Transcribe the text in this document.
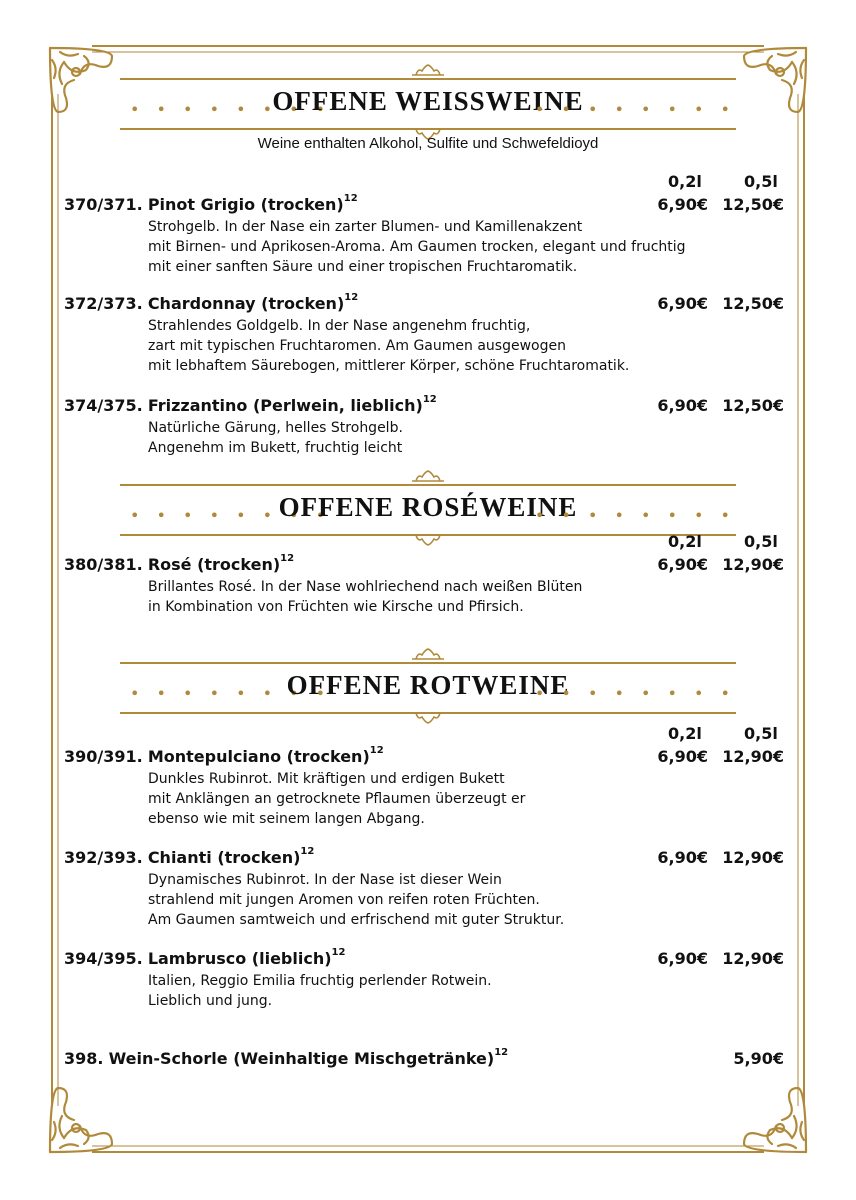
• • • • • • • •
OFFENE WEISSWEINE
• • • • • • • •
Weine enthalten Alkohol, Sulfite und Schwefeldioyd
0,2l	0,5l
370/371. Pinot Grigio (trocken)$^{12}$	6,90€ 12,50€
Strohgelb. In der Nase ein zarter Blumen- und Kamillenakzent
mit Birnen- und Aprikosen-Aroma. Am Gaumen trocken, elegant und fruchtig
mit einer sanften Säure und einer tropischen Fruchtaromatik.
372/373. Chardonnay (trocken)$^{12}$	6,90€ 12,50€
Strahlendes Goldgelb. In der Nase angenehm fruchtig,
zart mit typischen Fruchtaromen. Am Gaumen ausgewogen
mit lebhaftem Säurebogen, mittlerer Körper, schöne Fruchtaromatik.
374/375. Frizzantino (Perlwein, lieblich)$^{12}$	6,90€ 12,50€
Natürliche Gärung, helles Strohgelb.
Angenehm im Bukett, fruchtig leicht
• • • • • • • •
OFFENE ROSÉWEINE
• • • • • • • •
0,2l	0,5l
380/381. Rosé (trocken)$^{12}$	6,90€ 12,90€
Brillantes Rosé. In der Nase wohlriechend nach weißen Blüten
in Kombination von Früchten wie Kirsche und Pfirsich.
• • • • • • • •
OFFENE ROTWEINE
• • • • • • • •
0,2l	0,5l
390/391. Montepulciano (trocken)$^{12}$	6,90€ 12,90€
Dunkles Rubinrot. Mit kräftigen und erdigen Bukett
mit Anklängen an getrocknete Pflaumen überzeugt er
ebenso wie mit seinem langen Abgang.
392/393. Chianti (trocken)$^{12}$	6,90€ 12,90€
Dynamisches Rubinrot. In der Nase ist dieser Wein
strahlend mit jungen Aromen von reifen roten Früchten.
Am Gaumen samtweich und erfrischend mit guter Struktur.
394/395. Lambrusco (lieblich)$^{12}$	6,90€ 12,90€
Italien, Reggio Emilia fruchtig perlender Rotwein.
Lieblich und jung.
398. Wein-Schorle (Weinhaltige Mischgetränke)$^{12}$	5,90€
